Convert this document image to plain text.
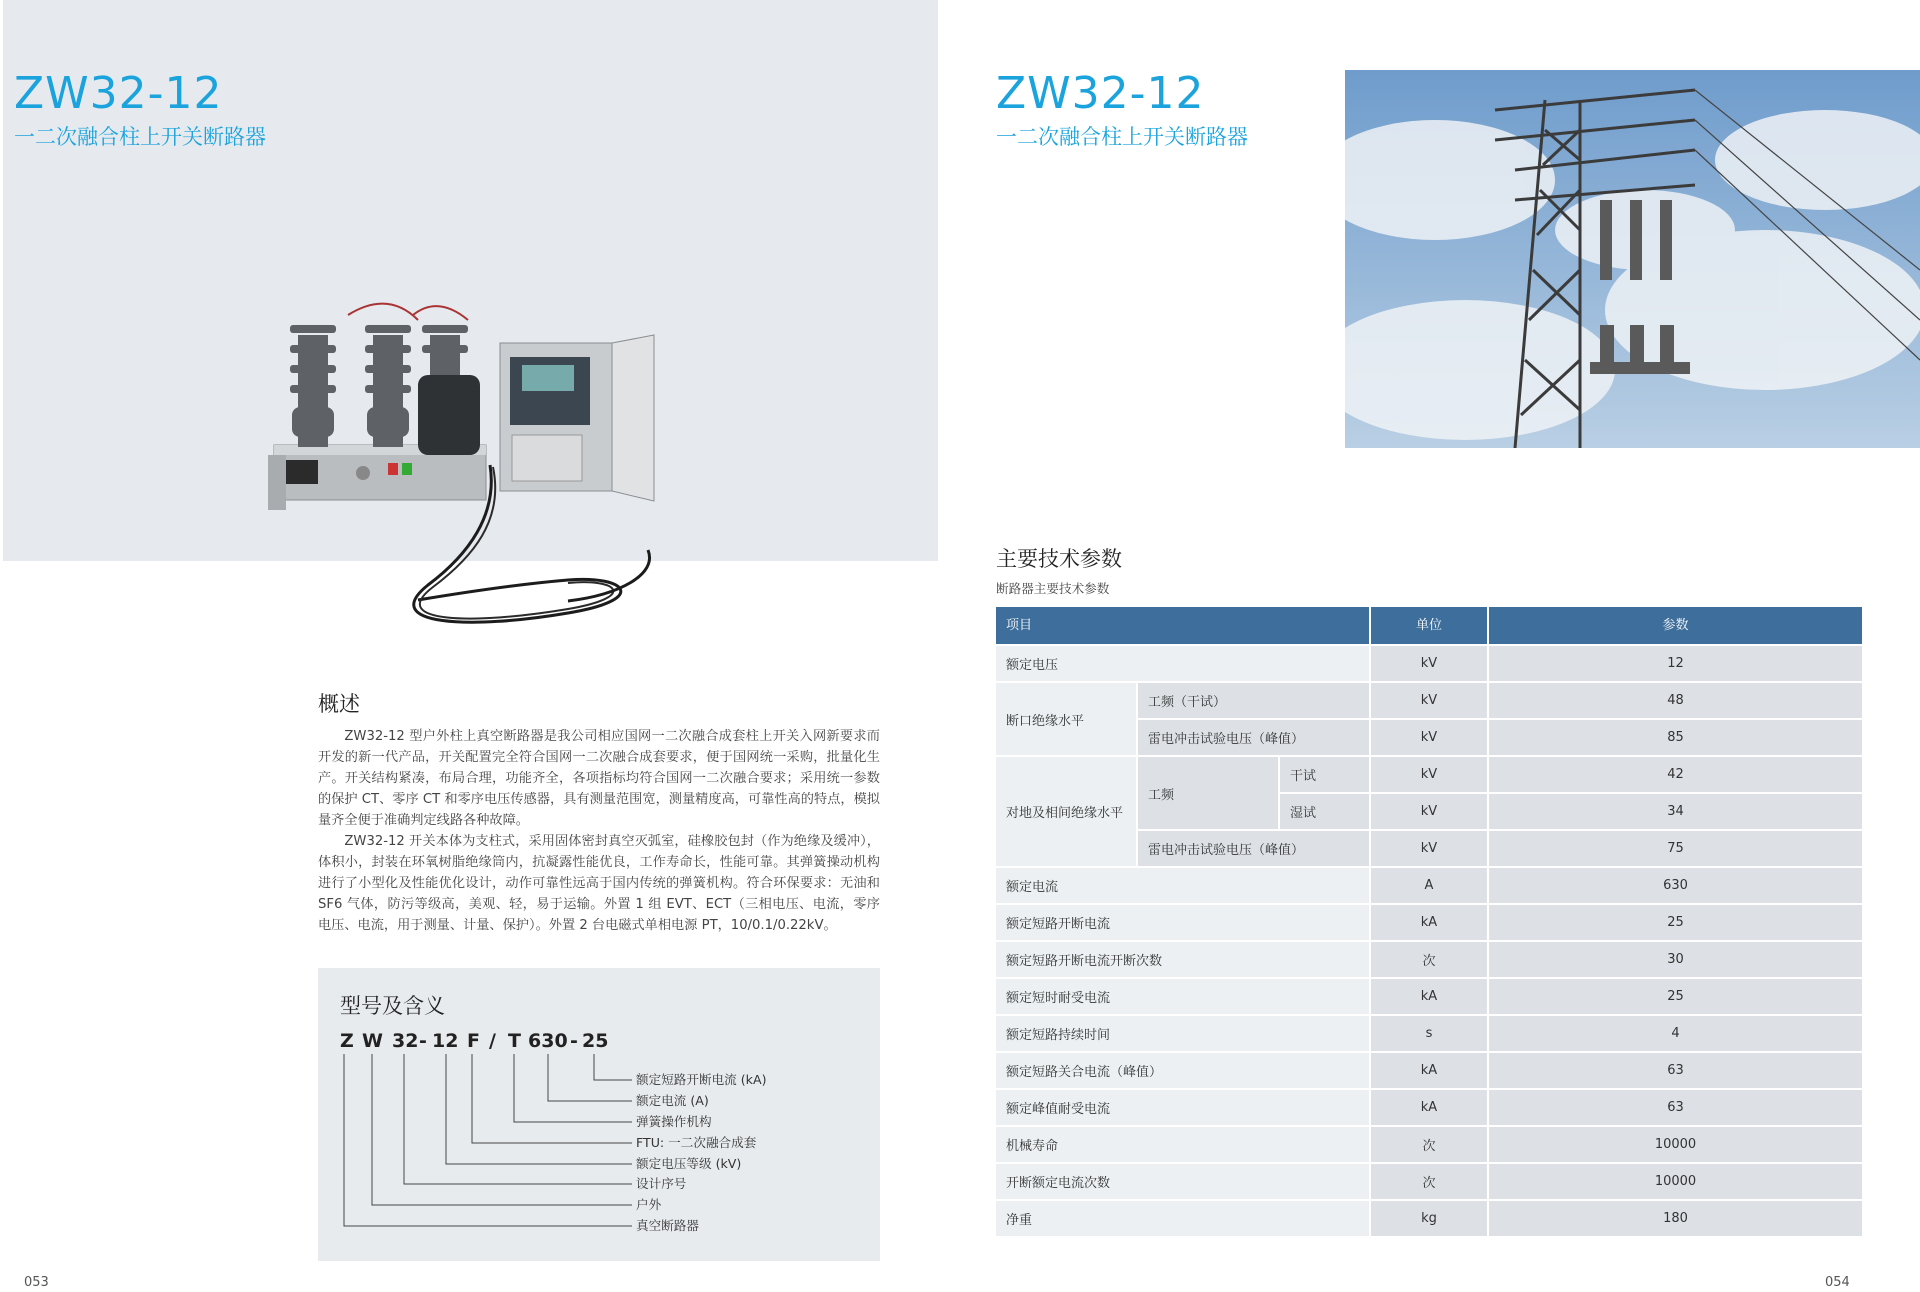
ZW32-12
一二次融合柱上开关断路器
概述

ZW32-12 型户外柱上真空断路器是我公司相应国网一二次融合成套柱上开关入网新要求而开发的新一代产品，开关配置完全符合国网一二次融合成套要求，便于国网统一采购，批量化生产。开关结构紧凑，布局合理，功能齐全，各项指标均符合国网一二次融合要求；采用统一参数的保护 CT、零序 CT 和零序电压传感器，具有测量范围宽，测量精度高，可靠性高的特点，模拟量齐全便于准确判定线路各种故障。

ZW32-12 开关本体为支柱式，采用固体密封真空灭弧室，硅橡胶包封（作为绝缘及缓冲），体积小，封装在环氧树脂绝缘筒内，抗凝露性能优良，工作寿命长，性能可靠。其弹簧操动机构进行了小型化及性能优化设计，动作可靠性远高于国内传统的弹簧机构。符合环保要求：无油和 SF6 气体，防污等级高，美观、轻，易于运输。外置 1 组 EVT、ECT（三相电压、电流，零序电压、电流，用于测量、计量、保护）。外置 2 台电磁式单相电源 PT，10/0.1/0.22kV。

型号及含义
Z W 32 - 12 F / T 630 - 25
额定短路开断电流 (kA)
额定电流 (A)
弹簧操作机构
FTU: 一二次融合成套
额定电压等级 (kV)
设计序号
户外
真空断路器
053
ZW32-12
一二次融合柱上开关断路器
主要技术参数
断路器主要技术参数
项目	单位	参数
额定电压	kV	12
断口绝缘水平
工频（干试）	kV	48
雷电冲击试验电压（峰值）	kV	85
对地及相间绝缘水平
工频
干试	kV	42
湿试	kV	34
雷电冲击试验电压（峰值）	kV	75
额定电流	A	630
额定短路开断电流	kA	25
额定短路开断电流开断次数	次	30
额定短时耐受电流	kA	25
额定短路持续时间	s	4
额定短路关合电流（峰值）	kA	63
额定峰值耐受电流	kA	63
机械寿命	次	10000
开断额定电流次数	次	10000
净重	kg	180
054
